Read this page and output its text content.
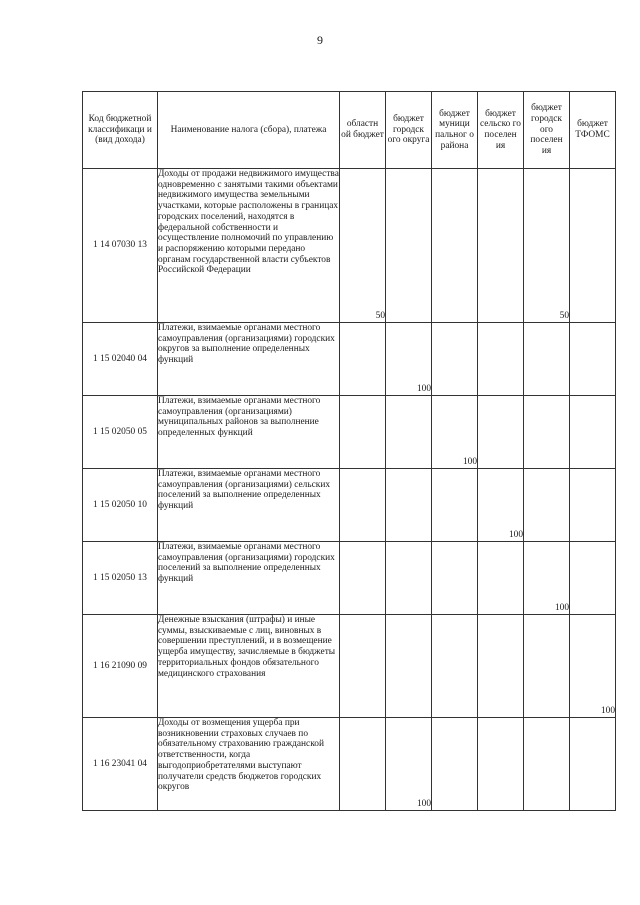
9
Код бюджетной классификаци и (вид дохода)	Наименование налога (сбора), платежа	областн ой бюджет	бюджет городск ого округа	бюджет муници пальног о района	бюджет сельско го поселен ия	бюджет городск ого поселен ия	бюджет ТФОМС
1 14 07030 13	Доходы от продажи недвижимого имущества одновременно с занятыми такими объектами недвижимого имущества земельными участками, которые расположены в границах городских поселений, находятся в федеральной собственности и осуществление полномочий по управлению и распоряжению которыми передано органам государственной власти субъектов Российской Федерации	50				50	
1 15 02040 04	Платежи, взимаемые органами местного самоуправления (организациями) городских округов за выполнение определенных функций		100				
1 15 02050 05	Платежи, взимаемые органами местного самоуправления (организациями) муниципальных районов за выполнение определенных функций			100			
1 15 02050 10	Платежи, взимаемые органами местного самоуправления (организациями) сельских поселений за выполнение определенных функций				100		
1 15 02050 13	Платежи, взимаемые органами местного самоуправления (организациями) городских поселений за выполнение определенных функций					100	
1 16 21090 09	Денежные взыскания (штрафы) и иные суммы, взыскиваемые с лиц, виновных в совершении преступлений, и в возмещение ущерба имуществу, зачисляемые в бюджеты территориальных фондов обязательного медицинского страхования						100
1 16 23041 04	Доходы от возмещения ущерба при возникновении страховых случаев по обязательному страхованию гражданской ответственности, когда выгодоприобретателями выступают получатели средств бюджетов городских округов		100				
